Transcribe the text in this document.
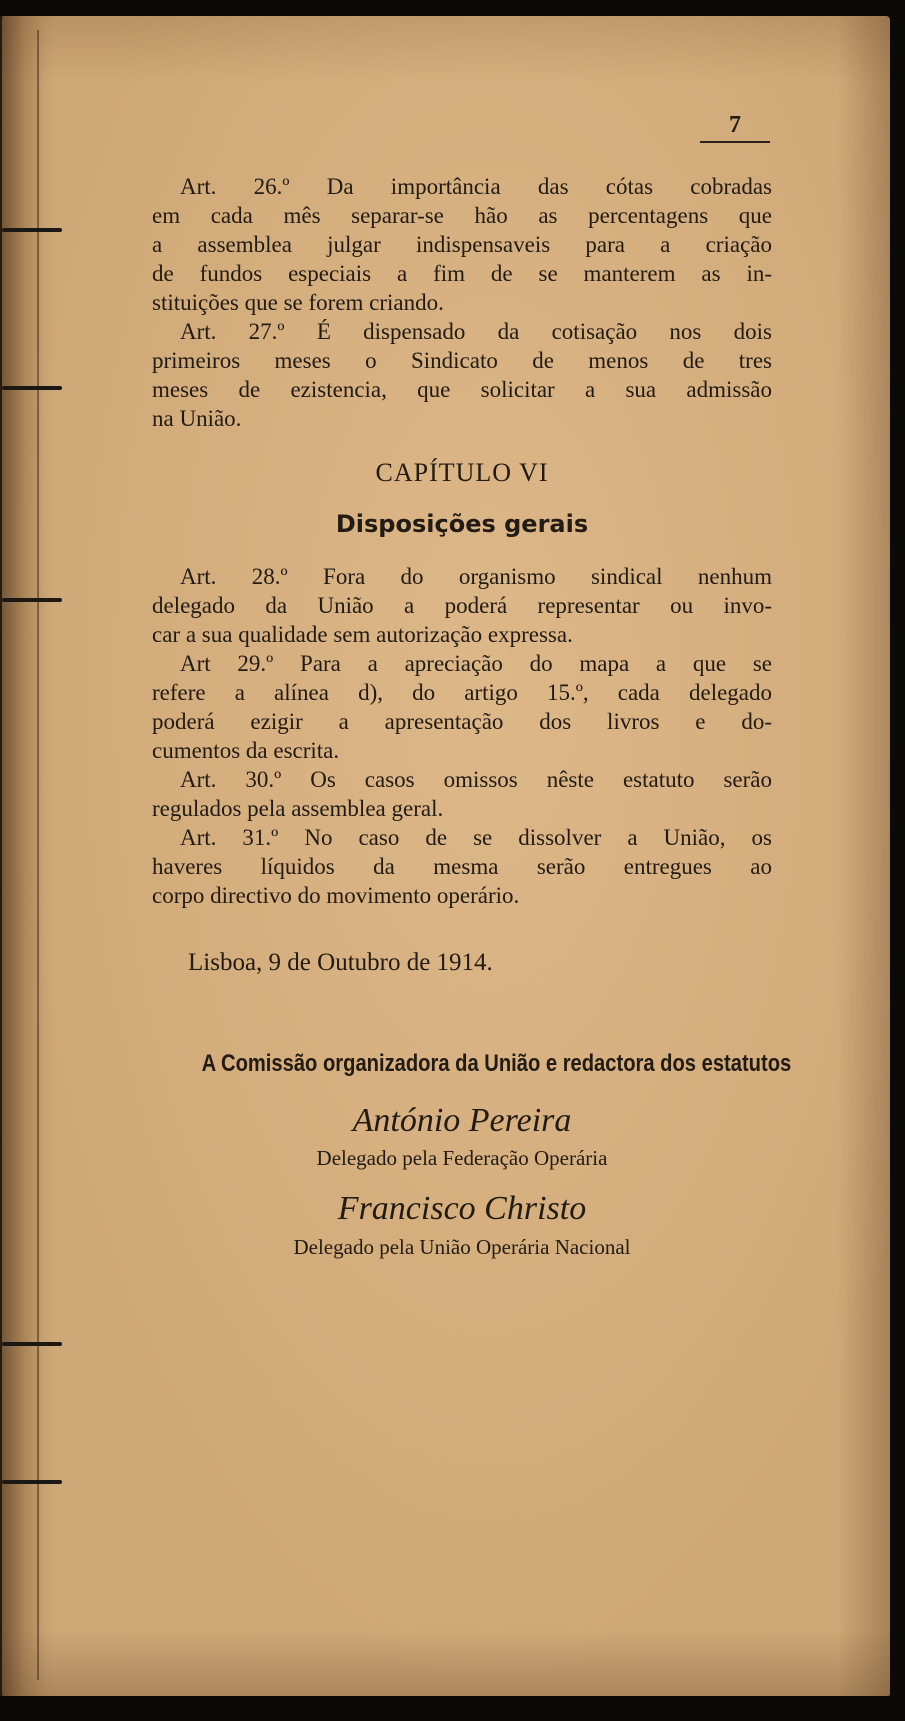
7
Art. 26.º Da importância das cótas cobradas
em cada mês separar-se hão as percentagens que
a assemblea julgar indispensaveis para a criação
de fundos especiais a fim de se manterem as in-
stituições que se forem criando.
Art. 27.º É dispensado da cotisação nos dois
primeiros meses o Sindicato de menos de tres
meses de ezistencia, que solicitar a sua admissão
na União.
CAPÍTULO VI
Disposições gerais
Art. 28.º Fora do organismo sindical nenhum
delegado da União a poderá representar ou invo-
car a sua qualidade sem autorização expressa.
Art 29.º Para a apreciação do mapa a que se
refere a alínea d), do artigo 15.º, cada delegado
poderá ezigir a apresentação dos livros e do-
cumentos da escrita.
Art. 30.º Os casos omissos nêste estatuto serão
regulados pela assemblea geral.
Art. 31.º No caso de se dissolver a União, os
haveres líquidos da mesma serão entregues ao
corpo directivo do movimento operário.
Lisboa, 9 de Outubro de 1914.
A Comissão organizadora da União e redactora dos estatutos
António Pereira
Delegado pela Federação Operária
Francisco Christo
Delegado pela União Operária Nacional
